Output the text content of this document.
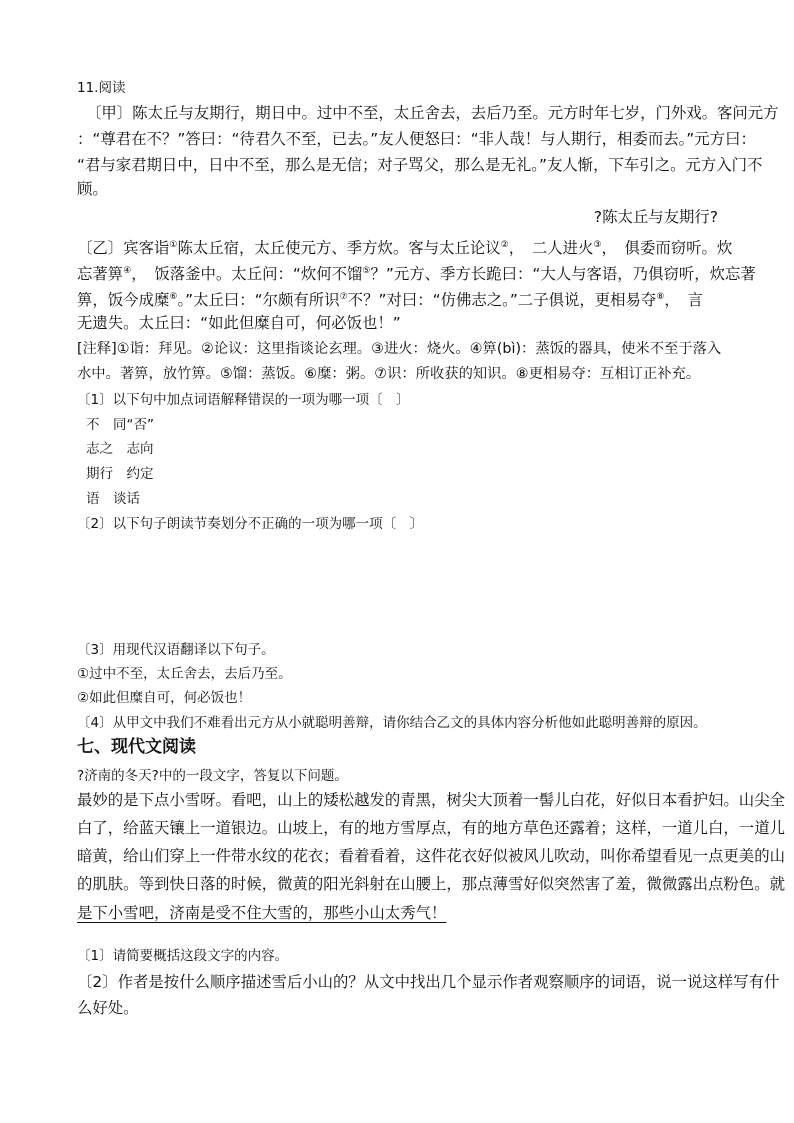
11.阅读
〔甲〕陈太丘与友期行，期日中。过中不至，太丘舍去，去后乃至。元方时年七岁，门外戏。客问元方
：“尊君在不？”答曰：“待君久不至，已去。”友人便怒曰：“非人哉！与人期行，相委而去。”元方曰：
“君与家君期日中，日中不至，那么是无信；对子骂父，那么是无礼。”友人惭，下车引之。元方入门不
顾。
?陈太丘与友期行?
〔乙〕宾客诣①陈太丘宿，太丘使元方、季方炊。客与太丘论议②，　二人进火③，　俱委而窃听。炊
忘著箅④，　饭落釜中。太丘问：“炊何不馏⑤？”元方、季方长跪曰：“大人与客语，乃俱窃听，炊忘著
箅，饭今成糜⑥。”太丘曰：“尔颇有所识⑦不？”对曰：“仿佛志之。”二子俱说，更相易夺⑧，　言
无遗失。太丘曰：“如此但糜自可，何必饭也！”
[注释]①诣：拜见。②论议：这里指谈论玄理。③进火：烧火。④箅(bì)：蒸饭的器具，使米不至于落入
水中。著箅，放竹箅。⑤馏：蒸饭。⑥糜：粥。⑦识：所收获的知识。⑧更相易夺：互相订正补充。
〔1〕以下句中加点词语解释错误的一项为哪一项〔　〕
不　同“否”
志之　志向
期行　约定
语　谈话
〔2〕以下句子朗读节奏划分不正确的一项为哪一项〔　〕
〔3〕用现代汉语翻译以下句子。
①过中不至，太丘舍去，去后乃至。
②如此但糜自可，何必饭也！
〔4〕从甲文中我们不难看出元方从小就聪明善辩，请你结合乙文的具体内容分析他如此聪明善辩的原因。
七、现代文阅读
?济南的冬天?中的一段文字，答复以下问题。
最妙的是下点小雪呀。看吧，山上的矮松越发的青黑，树尖大顶着一髻儿白花，好似日本看护妇。山尖全
白了，给蓝天镶上一道银边。山坡上，有的地方雪厚点，有的地方草色还露着；这样，一道儿白，一道儿
暗黄，给山们穿上一件带水纹的花衣；看着看着，这件花衣好似被风儿吹动，叫你希望看见一点更美的山
的肌肤。等到快日落的时候，微黄的阳光斜射在山腰上，那点薄雪好似突然害了羞，微微露出点粉色。就
是下小雪吧，济南是受不住大雪的，那些小山太秀气！
〔1〕请简要概括这段文字的内容。
〔2〕作者是按什么顺序描述雪后小山的？从文中找出几个显示作者观察顺序的词语，说一说这样写有什
么好处。
